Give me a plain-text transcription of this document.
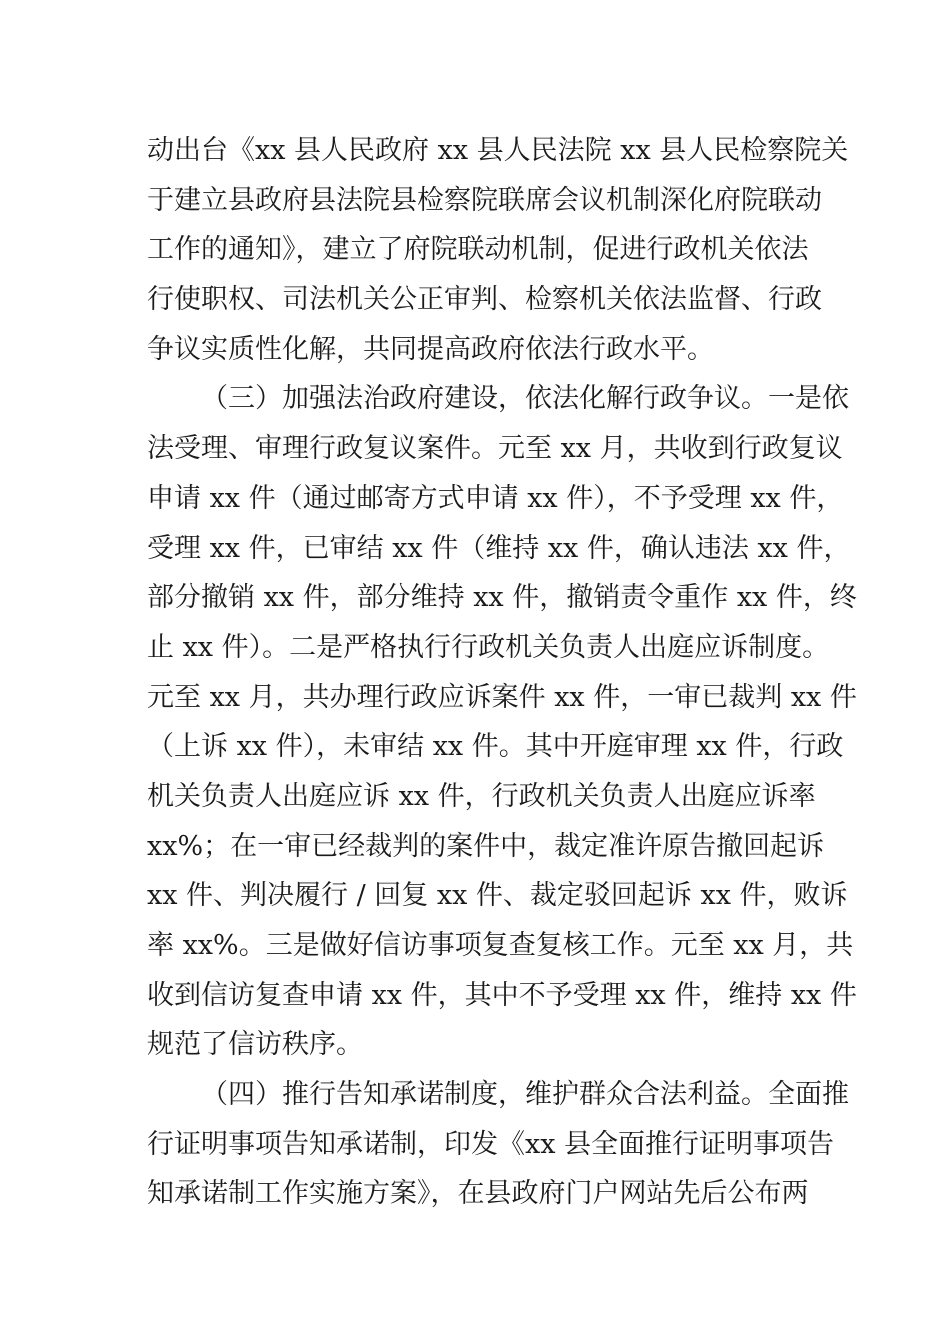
动出台《xx 县人民政府 xx 县人民法院 xx 县人民检察院关
于建立县政府县法院县检察院联席会议机制深化府院联动
工作的通知》，建立了府院联动机制，促进行政机关依法
行使职权、司法机关公正审判、检察机关依法监督、行政
争议实质性化解，共同提高政府依法行政水平。
（三）加强法治政府建设，依法化解行政争议。一是依
法受理、审理行政复议案件。元至 xx 月，共收到行政复议
申请 xx 件（通过邮寄方式申请 xx 件），不予受理 xx 件，
受理 xx 件，已审结 xx 件（维持 xx 件，确认违法 xx 件，
部分撤销 xx 件，部分维持 xx 件，撤销责令重作 xx 件，终
止 xx 件）。二是严格执行行政机关负责人出庭应诉制度。
元至 xx 月，共办理行政应诉案件 xx 件，一审已裁判 xx 件
（上诉 xx 件），未审结 xx 件。其中开庭审理 xx 件，行政
机关负责人出庭应诉 xx 件，行政机关负责人出庭应诉率
xx%；在一审已经裁判的案件中，裁定准许原告撤回起诉
xx 件、判决履行 / 回复 xx 件、裁定驳回起诉 xx 件，败诉
率 xx%。三是做好信访事项复查复核工作。元至 xx 月，共
收到信访复查申请 xx 件，其中不予受理 xx 件，维持 xx 件
规范了信访秩序。
（四）推行告知承诺制度，维护群众合法利益。全面推
行证明事项告知承诺制，印发《xx 县全面推行证明事项告
知承诺制工作实施方案》，在县政府门户网站先后公布两
